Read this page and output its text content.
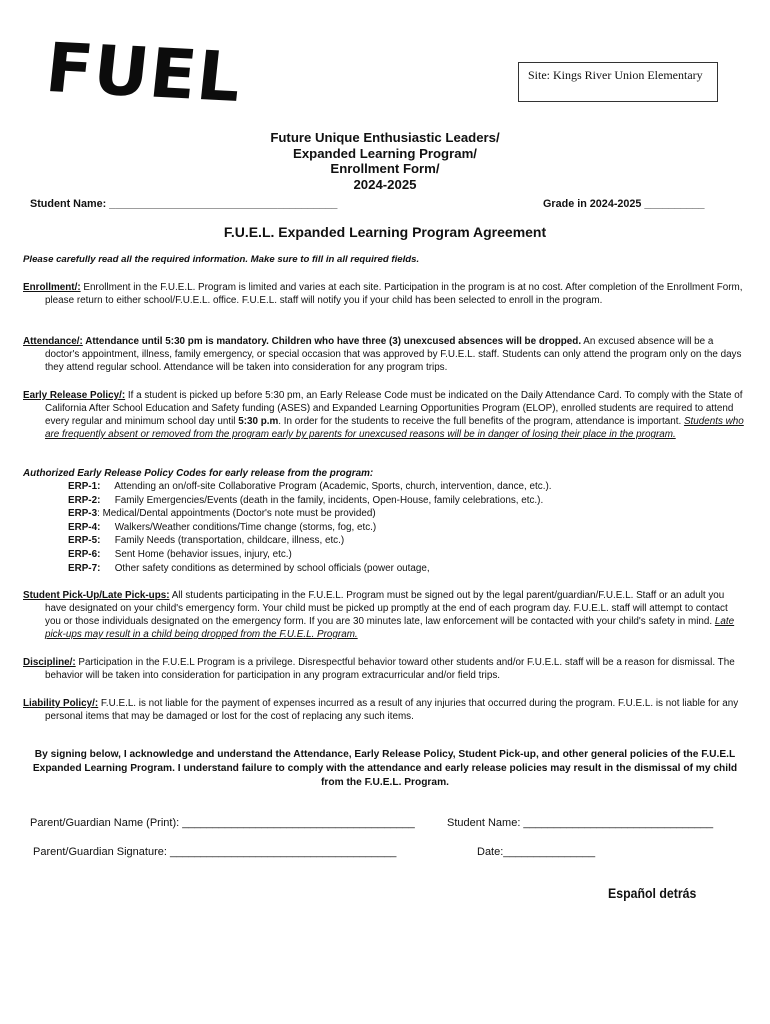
FUEL	Site: Kings River Union Elementary
Future Unique Enthusiastic Leaders/
Expanded Learning Program/
Enrollment Form/
2024-2025
Student Name: ______________________________________	Grade in 2024-2025 __________
F.U.E.L. Expanded Learning Program Agreement
Please carefully read all the required information. Make sure to fill in all required fields.
Enrollment/: Enrollment in the F.U.E.L. Program is limited and varies at each site. Participation in the program is at no cost. After completion of the Enrollment Form, please return to either school/F.U.E.L. office. F.U.E.L. staff will notify you if your child has been selected to enroll in the program.
Attendance/: Attendance until 5:30 pm is mandatory. Children who have three (3) unexcused absences will be dropped. An excused absence will be a doctor's appointment, illness, family emergency, or special occasion that was approved by F.U.E.L. staff. Students can only attend the program only on the days they attend regular school. Attendance will be taken into consideration for any program trips.
Early Release Policy/: If a student is picked up before 5:30 pm, an Early Release Code must be indicated on the Daily Attendance Card. To comply with the State of California After School Education and Safety funding (ASES) and Expanded Learning Opportunities Program (ELOP), enrolled students are required to attend every regular and minimum school day until 5:30 p.m. In order for the students to receive the full benefits of the program, attendance is important. Students who are frequently absent or removed from the program early by parents for unexcused reasons will be in danger of losing their place in the program.
Authorized Early Release Policy Codes for early release from the program:
ERP-1: Attending an on/off-site Collaborative Program (Academic, Sports, church, intervention, dance, etc.).
ERP-2: Family Emergencies/Events (death in the family, incidents, Open-House, family celebrations, etc.).
ERP-3: Medical/Dental appointments (Doctor's note must be provided)
ERP-4: Walkers/Weather conditions/Time change (storms, fog, etc.)
ERP-5: Family Needs (transportation, childcare, illness, etc.)
ERP-6: Sent Home (behavior issues, injury, etc.)
ERP-7: Other safety conditions as determined by school officials (power outage,
Student Pick-Up/Late Pick-ups: All students participating in the F.U.E.L. Program must be signed out by the legal parent/guardian/F.U.E.L. Staff or an adult you have designated on your child's emergency form. Your child must be picked up promptly at the end of each program day. F.U.E.L. staff will attempt to contact you or those individuals designated on the emergency form. If you are 30 minutes late, law enforcement will be contacted with your child's safety in mind. Late pick-ups may result in a child being dropped from the F.U.E.L. Program.
Discipline/: Participation in the F.U.E.L Program is a privilege. Disrespectful behavior toward other students and/or F.U.E.L. staff will be a reason for dismissal. The behavior will be taken into consideration for participation in any program extracurricular and/or field trips.
Liability Policy/: F.U.E.L. is not liable for the payment of expenses incurred as a result of any injuries that occurred during the program. F.U.E.L. is not liable for any personal items that may be damaged or lost for the cost of replacing any such items.
By signing below, I acknowledge and understand the Attendance, Early Release Policy, Student Pick-up, and other general policies of the F.U.E.L Expanded Learning Program. I understand failure to comply with the attendance and early release policies may result in the dismissal of my child from the F.U.E.L. Program.
Parent/Guardian Name (Print): ______________________________________	Student Name: _______________________________
Parent/Guardian Signature: _____________________________________	Date:_______________
Español detrás
